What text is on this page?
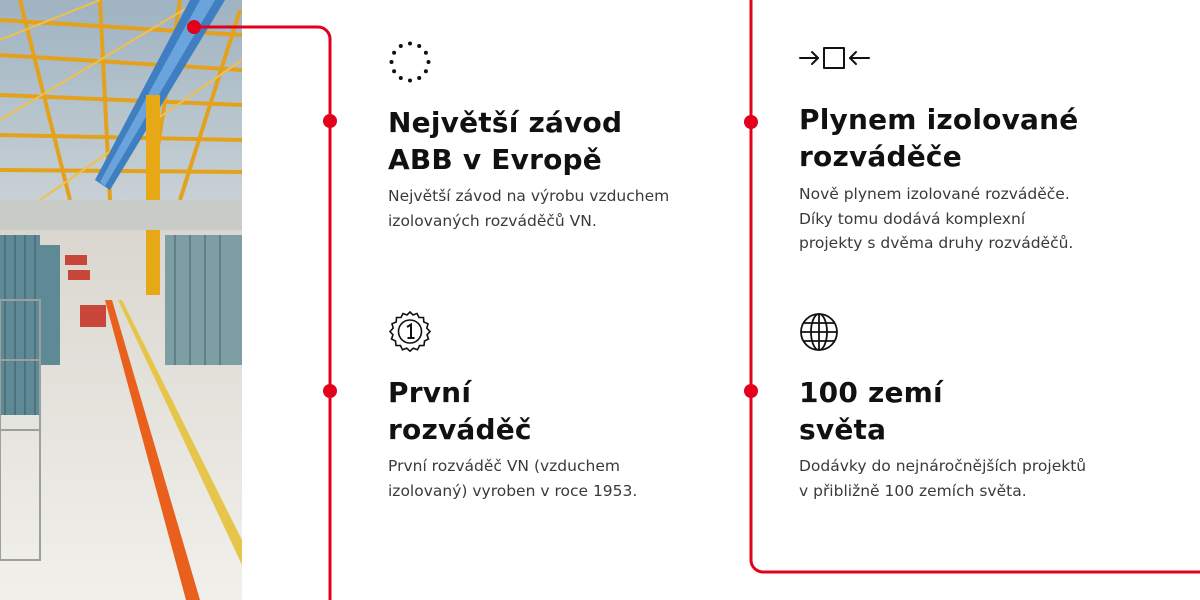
Největší závod
ABB v Evropě

Největší závod na výrobu vzduchem
izolovaných rozváděčů VN.

Plynem izolované
rozváděče

Nově plynem izolované rozváděče.
Díky tomu dodává komplexní
projekty s dvěma druhy rozváděčů.

První
rozváděč

První rozváděč VN (vzduchem
izolovaný) vyroben v roce 1953.

100 zemí
světa

Dodávky do nejnáročnějších projektů
v přibližně 100 zemích světa.
